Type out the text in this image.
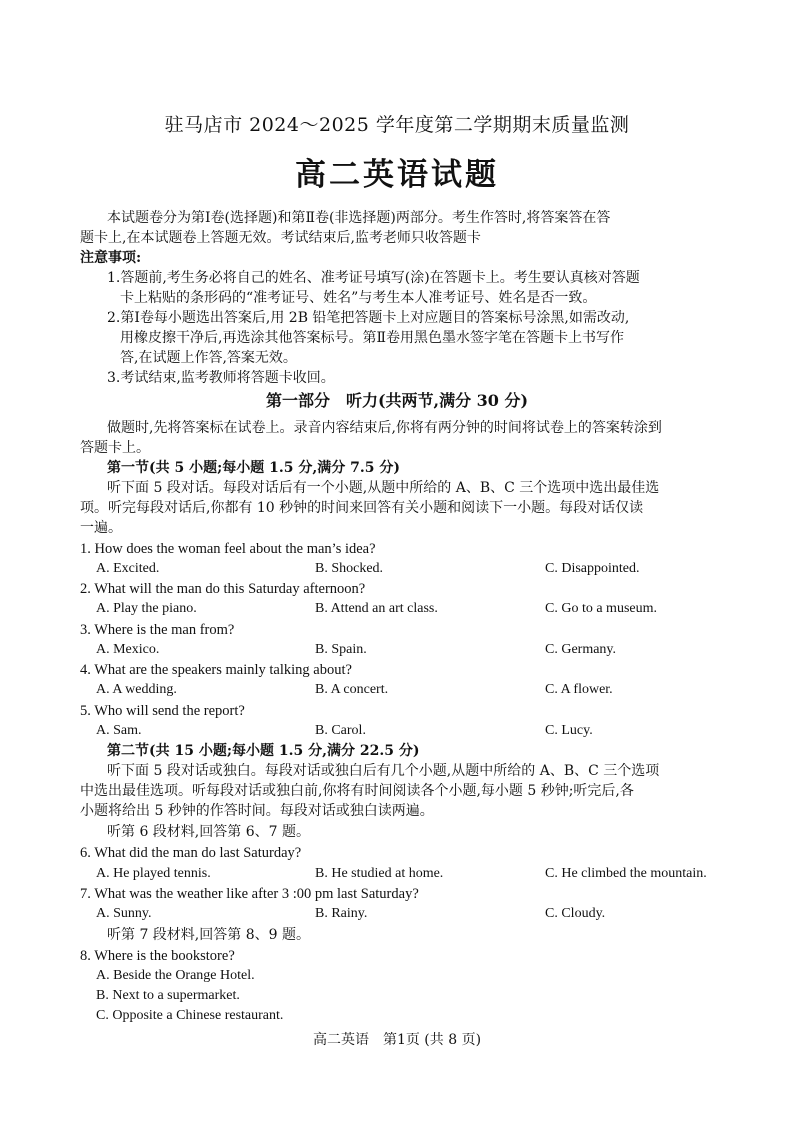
驻马店市 2024～2025 学年度第二学期期末质量监测
高二英语试题
本试题卷分为第Ⅰ卷(选择题)和第Ⅱ卷(非选择题)两部分。考生作答时,将答案答在答
题卡上,在本试题卷上答题无效。考试结束后,监考老师只收答题卡
注意事项:
1.答题前,考生务必将自己的姓名、准考证号填写(涂)在答题卡上。考生要认真核对答题
卡上粘贴的条形码的“准考证号、姓名”与考生本人准考证号、姓名是否一致。
2.第Ⅰ卷每小题选出答案后,用 2B 铅笔把答题卡上对应题目的答案标号涂黑,如需改动,
用橡皮擦干净后,再选涂其他答案标号。第Ⅱ卷用黑色墨水签字笔在答题卡上书写作
答,在试题上作答,答案无效。
3.考试结束,监考教师将答题卡收回。
第一部分　听力(共两节,满分 30 分)
做题时,先将答案标在试卷上。录音内容结束后,你将有两分钟的时间将试卷上的答案转涂到
答题卡上。
第一节(共 5 小题;每小题 1.5 分,满分 7.5 分)
听下面 5 段对话。每段对话后有一个小题,从题中所给的 A、B、C 三个选项中选出最佳选
项。听完每段对话后,你都有 10 秒钟的时间来回答有关小题和阅读下一小题。每段对话仅读
一遍。
1. How does the woman feel about the man’s idea?
A. Excited.	B. Shocked.	C. Disappointed.
2. What will the man do this Saturday afternoon?
A. Play the piano.	B. Attend an art class.	C. Go to a museum.
3. Where is the man from?
A. Mexico.	B. Spain.	C. Germany.
4. What are the speakers mainly talking about?
A. A wedding.	B. A concert.	C. A flower.
5. Who will send the report?
A. Sam.	B. Carol.	C. Lucy.
第二节(共 15 小题;每小题 1.5 分,满分 22.5 分)
听下面 5 段对话或独白。每段对话或独白后有几个小题,从题中所给的 A、B、C 三个选项
中选出最佳选项。听每段对话或独白前,你将有时间阅读各个小题,每小题 5 秒钟;听完后,各
小题将给出 5 秒钟的作答时间。每段对话或独白读两遍。
听第 6 段材料,回答第 6、7 题。
6. What did the man do last Saturday?
A. He played tennis.	B. He studied at home.	C. He climbed the mountain.
7. What was the weather like after 3 :00 pm last Saturday?
A. Sunny.	B. Rainy.	C. Cloudy.
听第 7 段材料,回答第 8、9 题。
8. Where is the bookstore?
A. Beside the Orange Hotel.
B. Next to a supermarket.
C. Opposite a Chinese restaurant.
高二英语　第1页 (共 8 页)
